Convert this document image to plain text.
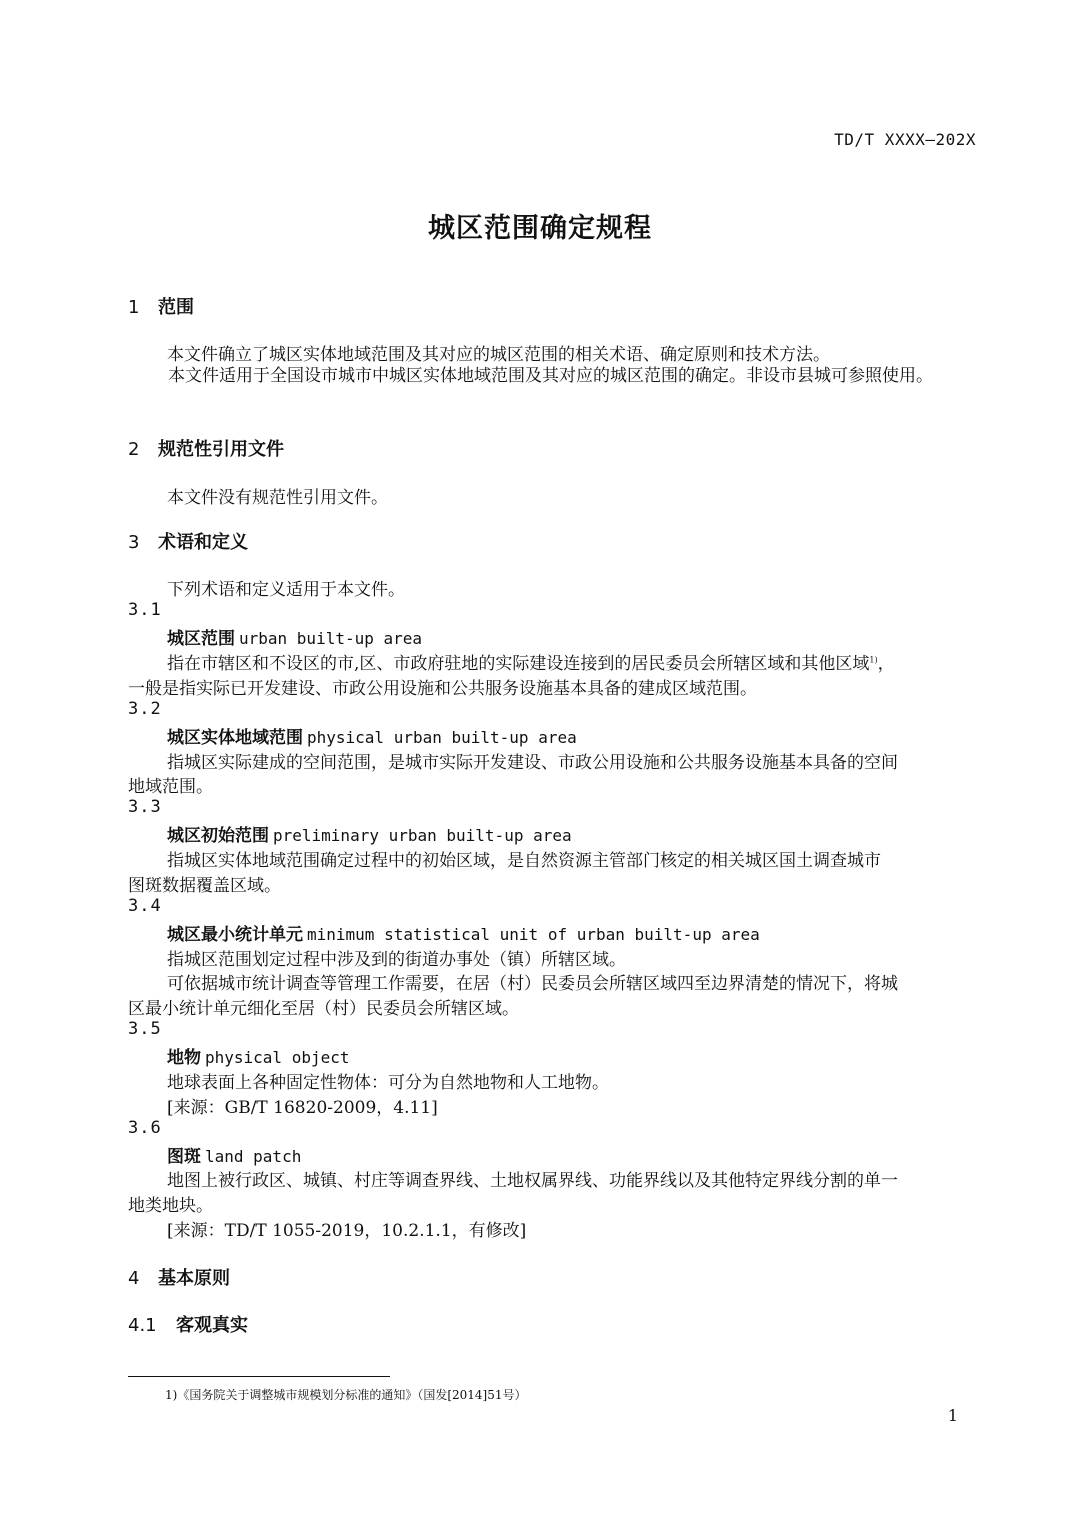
TD/T XXXX—202X
城区范围确定规程
1 范围
本文件确立了城区实体地域范围及其对应的城区范围的相关术语、确定原则和技术方法。
本文件适用于全国设市城市中城区实体地域范围及其对应的城区范围的确定。非设市县城可参照使用。
2 规范性引用文件
本文件没有规范性引用文件。
3 术语和定义
下列术语和定义适用于本文件。
3.1
城区范围 urban built-up area
指在市辖区和不设区的市,区、市政府驻地的实际建设连接到的居民委员会所辖区域和其他区域$^{1)}$，
一般是指实际已开发建设、市政公用设施和公共服务设施基本具备的建成区域范围。
3.2
城区实体地域范围 physical urban built-up area
指城区实际建成的空间范围，是城市实际开发建设、市政公用设施和公共服务设施基本具备的空间
地域范围。
3.3
城区初始范围 preliminary urban built-up area
指城区实体地域范围确定过程中的初始区域，是自然资源主管部门核定的相关城区国土调查城市
图斑数据覆盖区域。
3.4
城区最小统计单元 minimum statistical unit of urban built-up area
指城区范围划定过程中涉及到的街道办事处（镇）所辖区域。
可依据城市统计调查等管理工作需要，在居（村）民委员会所辖区域四至边界清楚的情况下，将城
区最小统计单元细化至居（村）民委员会所辖区域。
3.5
地物 physical object
地球表面上各种固定性物体：可分为自然地物和人工地物。
[来源：GB/T 16820-2009，4.11]
3.6
图斑 land patch
地图上被行政区、城镇、村庄等调查界线、土地权属界线、功能界线以及其他特定界线分割的单一
地类地块。
[来源：TD/T 1055-2019，10.2.1.1，有修改]
4 基本原则
4.1 客观真实
1)《国务院关于调整城市规模划分标准的通知》（国发[2014]51号）
1
